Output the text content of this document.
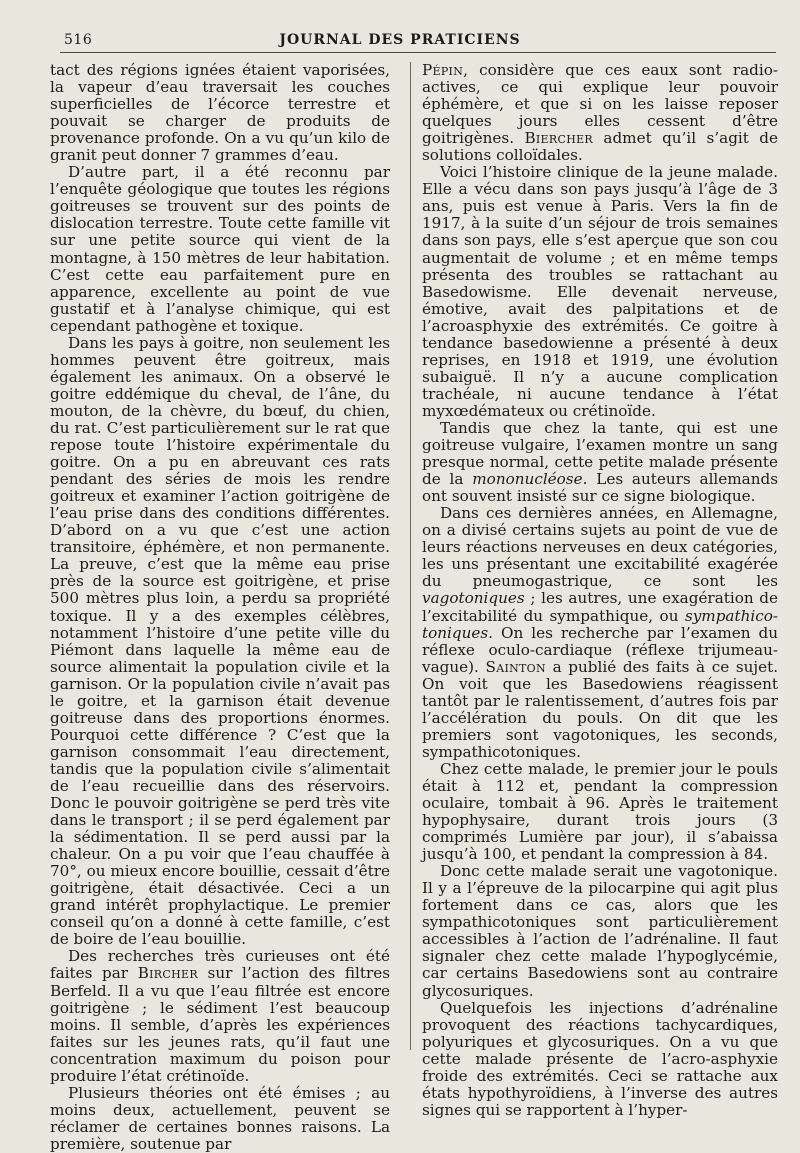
516	JOURNAL DES PRATICIENS

tact des régions ignées étaient vaporisées, la vapeur d’eau traversait les couches superficielles de l’écorce terrestre et pouvait se charger de produits de provenance profonde. On a vu qu’un kilo de granit peut donner 7 grammes d’eau.

D’autre part, il a été reconnu par l’enquête géologique que toutes les régions goitreuses se trouvent sur des points de dislocation terrestre. Toute cette famille vit sur une petite source qui vient de la montagne, à 150 mètres de leur habitation. C’est cette eau parfaitement pure en apparence, excellente au point de vue gustatif et à l’analyse chimique, qui est cependant pathogène et toxique.

Dans les pays à goitre, non seulement les hommes peuvent être goitreux, mais également les animaux. On a observé le goitre eddémique du cheval, de l’âne, du mouton, de la chèvre, du bœuf, du chien, du rat. C’est particulièrement sur le rat que repose toute l’histoire expérimentale du goitre. On a pu en abreuvant ces rats pendant des séries de mois les rendre goitreux et examiner l’action goitrigène de l’eau prise dans des conditions différentes. D’abord on a vu que c’est une action transitoire, éphémère, et non permanente. La preuve, c’est que la même eau prise près de la source est goitrigène, et prise 500 mètres plus loin, a perdu sa propriété toxique. Il y a des exemples célèbres, notamment l’histoire d’une petite ville du Piémont dans laquelle la même eau de source alimentait la population civile et la garnison. Or la population civile n’avait pas le goitre, et la garnison était devenue goitreuse dans des proportions énormes. Pourquoi cette différence ? C’est que la garnison consommait l’eau directement, tandis que la population civile s’alimentait de l’eau recueillie dans des réservoirs. Donc le pouvoir goitrigène se perd très vite dans le transport ; il se perd également par la sédimentation. Il se perd aussi par la chaleur. On a pu voir que l’eau chauffée à 70°, ou mieux encore bouillie, cessait d’être goitrigène, était désactivée. Ceci a un grand intérêt prophylactique. Le premier conseil qu’on a donné à cette famille, c’est de boire de l’eau bouillie.

Des recherches très curieuses ont été faites par Bircher sur l’action des filtres Berfeld. Il a vu que l’eau filtrée est encore goitrigène ; le sédiment l’est beaucoup moins. Il semble, d’après les expériences faites sur les jeunes rats, qu’il faut une concentration maximum du poison pour produire l’état crétinoïde.

Plusieurs théories ont été émises ; au moins deux, actuellement, peuvent se réclamer de certaines bonnes raisons. La première, soutenue par

Pépin, considère que ces eaux sont radio-actives, ce qui explique leur pouvoir éphémère, et que si on les laisse reposer quelques jours elles cessent d’être goitrigènes. Biercher admet qu’il s’agit de solutions colloïdales.

Voici l’histoire clinique de la jeune malade. Elle a vécu dans son pays jusqu’à l’âge de 3 ans, puis est venue à Paris. Vers la fin de 1917, à la suite d’un séjour de trois semaines dans son pays, elle s’est aperçue que son cou augmentait de volume ; et en même temps présenta des troubles se rattachant au Basedowisme. Elle devenait nerveuse, émotive, avait des palpitations et de l’acroasphyxie des extrémités. Ce goitre à tendance basedowienne a présenté à deux reprises, en 1918 et 1919, une évolution subaiguë. Il n’y a aucune complication trachéale, ni aucune tendance à l’état myxœdémateux ou crétinoïde.

Tandis que chez la tante, qui est une goitreuse vulgaire, l’examen montre un sang presque normal, cette petite malade présente de la mononucléose. Les auteurs allemands ont souvent insisté sur ce signe biologique.

Dans ces dernières années, en Allemagne, on a divisé certains sujets au point de vue de leurs réactions nerveuses en deux catégories, les uns présentant une excitabilité exagérée du pneumogastrique, ce sont les vagotoniques ; les autres, une exagération de l’excitabilité du sympathique, ou sympathico-toniques. On les recherche par l’examen du réflexe oculo-cardiaque (réflexe trijumeau-vague). Sainton a publié des faits à ce sujet. On voit que les Basedowiens réagissent tantôt par le ralentissement, d’autres fois par l’accélération du pouls. On dit que les premiers sont vagotoniques, les seconds, sympathicotoniques.

Chez cette malade, le premier jour le pouls était à 112 et, pendant la compression oculaire, tombait à 96. Après le traitement hypophysaire, durant trois jours (3 comprimés Lumière par jour), il s’abaissa jusqu’à 100, et pendant la compression à 84.

Donc cette malade serait une vagotonique. Il y a l’épreuve de la pilocarpine qui agit plus fortement dans ce cas, alors que les sympathicotoniques sont particulièrement accessibles à l’action de l’adrénaline. Il faut signaler chez cette malade l’hypoglycémie, car certains Basedowiens sont au contraire glycosuriques.

Quelquefois les injections d’adrénaline provoquent des réactions tachycardiques, polyuriques et glycosuriques. On a vu que cette malade présente de l’acro-asphyxie froide des extrémités. Ceci se rattache aux états hypothyroïdiens, à l’inverse des autres signes qui se rapportent à l’hyper-
